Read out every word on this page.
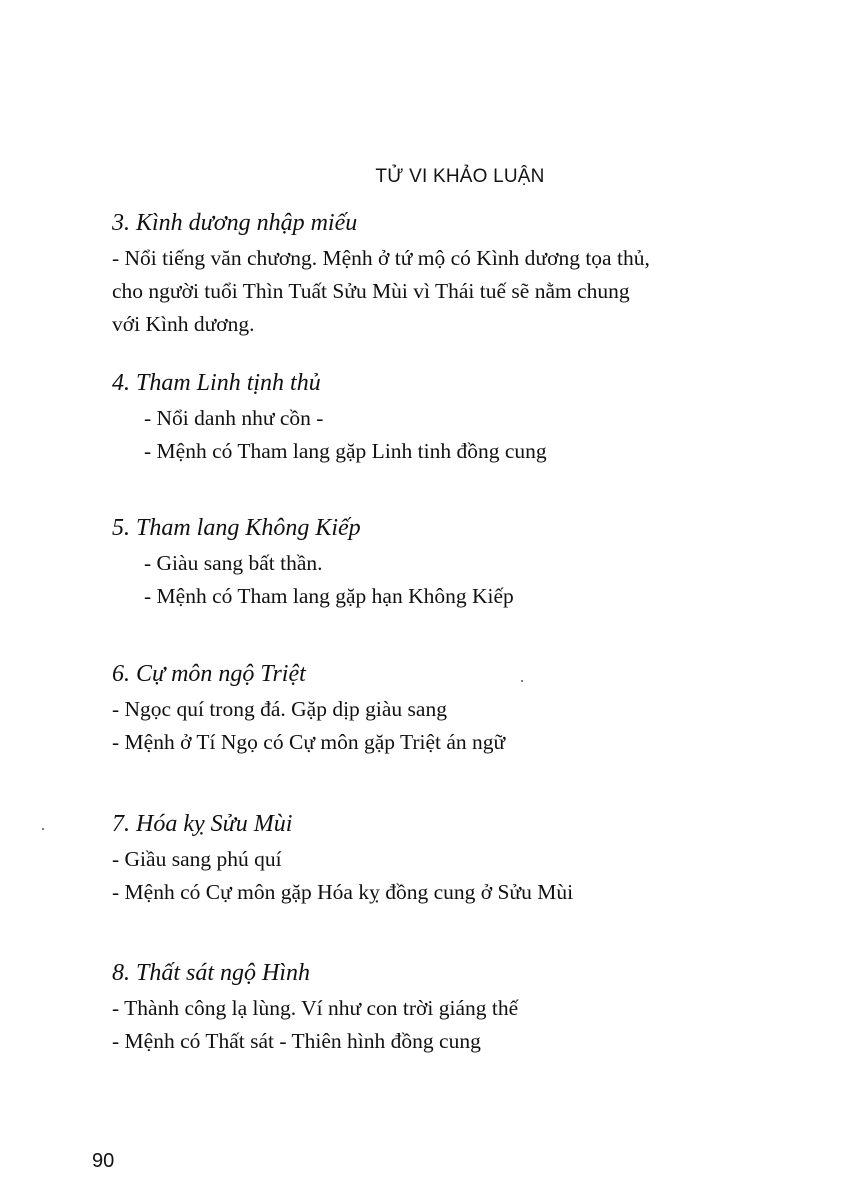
TỬ VI KHẢO LUẬN
3. Kình dương nhập miếu
- Nổi tiếng văn chương. Mệnh ở tứ mộ có Kình dương tọa thủ,
cho người tuổi Thìn Tuất Sửu Mùi vì Thái tuế sẽ nằm chung
với Kình dương.
4. Tham Linh tịnh thủ
- Nổi danh như cồn -
- Mệnh có Tham lang gặp Linh tinh đồng cung
5. Tham lang Không Kiếp
- Giàu sang bất thần.
- Mệnh có Tham lang gặp hạn Không Kiếp
6. Cự môn ngộ Triệt
- Ngọc quí trong đá. Gặp dịp giàu sang
- Mệnh ở Tí Ngọ có Cự môn gặp Triệt án ngữ
7. Hóa kỵ Sửu Mùi
- Giầu sang phú quí
- Mệnh có Cự môn gặp Hóa kỵ đồng cung ở Sửu Mùi
8. Thất sát ngộ Hình
- Thành công lạ lùng. Ví như con trời giáng thế
- Mệnh có Thất sát - Thiên hình đồng cung
90
